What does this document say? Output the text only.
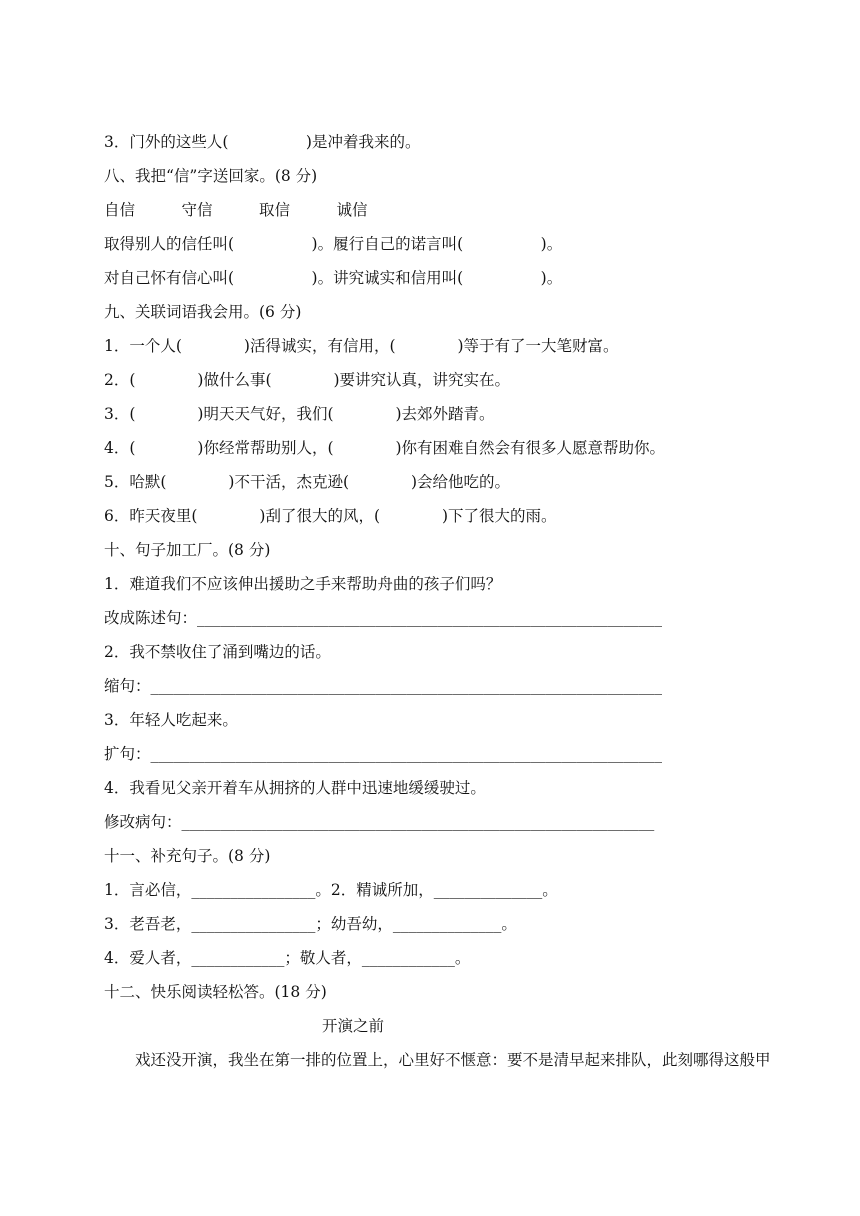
3．门外的这些人(　　　　　)是冲着我来的。
八、我把“信”字送回家。(8 分)
自信　　　守信　　　取信　　　诚信
取得别人的信任叫(　　　　　)。履行自己的诺言叫(　　　　　)。
对自己怀有信心叫(　　　　　)。讲究诚实和信用叫(　　　　　)。
九、关联词语我会用。(6 分)
1．一个人(　　　　)活得诚实，有信用，(　　　　)等于有了一大笔财富。
2．(　　　　)做什么事(　　　　)要讲究认真，讲究实在。
3．(　　　　)明天天气好，我们(　　　　)去郊外踏青。
4．(　　　　)你经常帮助别人，(　　　　)你有困难自然会有很多人愿意帮助你。
5．哈默(　　　　)不干活，杰克逊(　　　　)会给他吃的。
6．昨天夜里(　　　　)刮了很大的风，(　　　　)下了很大的雨。
十、句子加工厂。(8 分)
1．难道我们不应该伸出援助之手来帮助舟曲的孩子们吗？
改成陈述句：____________________________________________________________
2．我不禁收住了涌到嘴边的话。
缩句：__________________________________________________________________
3．年轻人吃起来。
扩句：__________________________________________________________________
4．我看见父亲开着车从拥挤的人群中迅速地缓缓驶过。
修改病句：_____________________________________________________________
十一、补充句子。(8 分)
1．言必信，________________。2．精诚所加，______________。
3．老吾老，________________；幼吾幼，______________。
4．爱人者，____________；敬人者，____________。
十二、快乐阅读轻松答。(18 分)
开演之前
戏还没开演，我坐在第一排的位置上，心里好不惬意：要不是清早起来排队，此刻哪得这般甲
